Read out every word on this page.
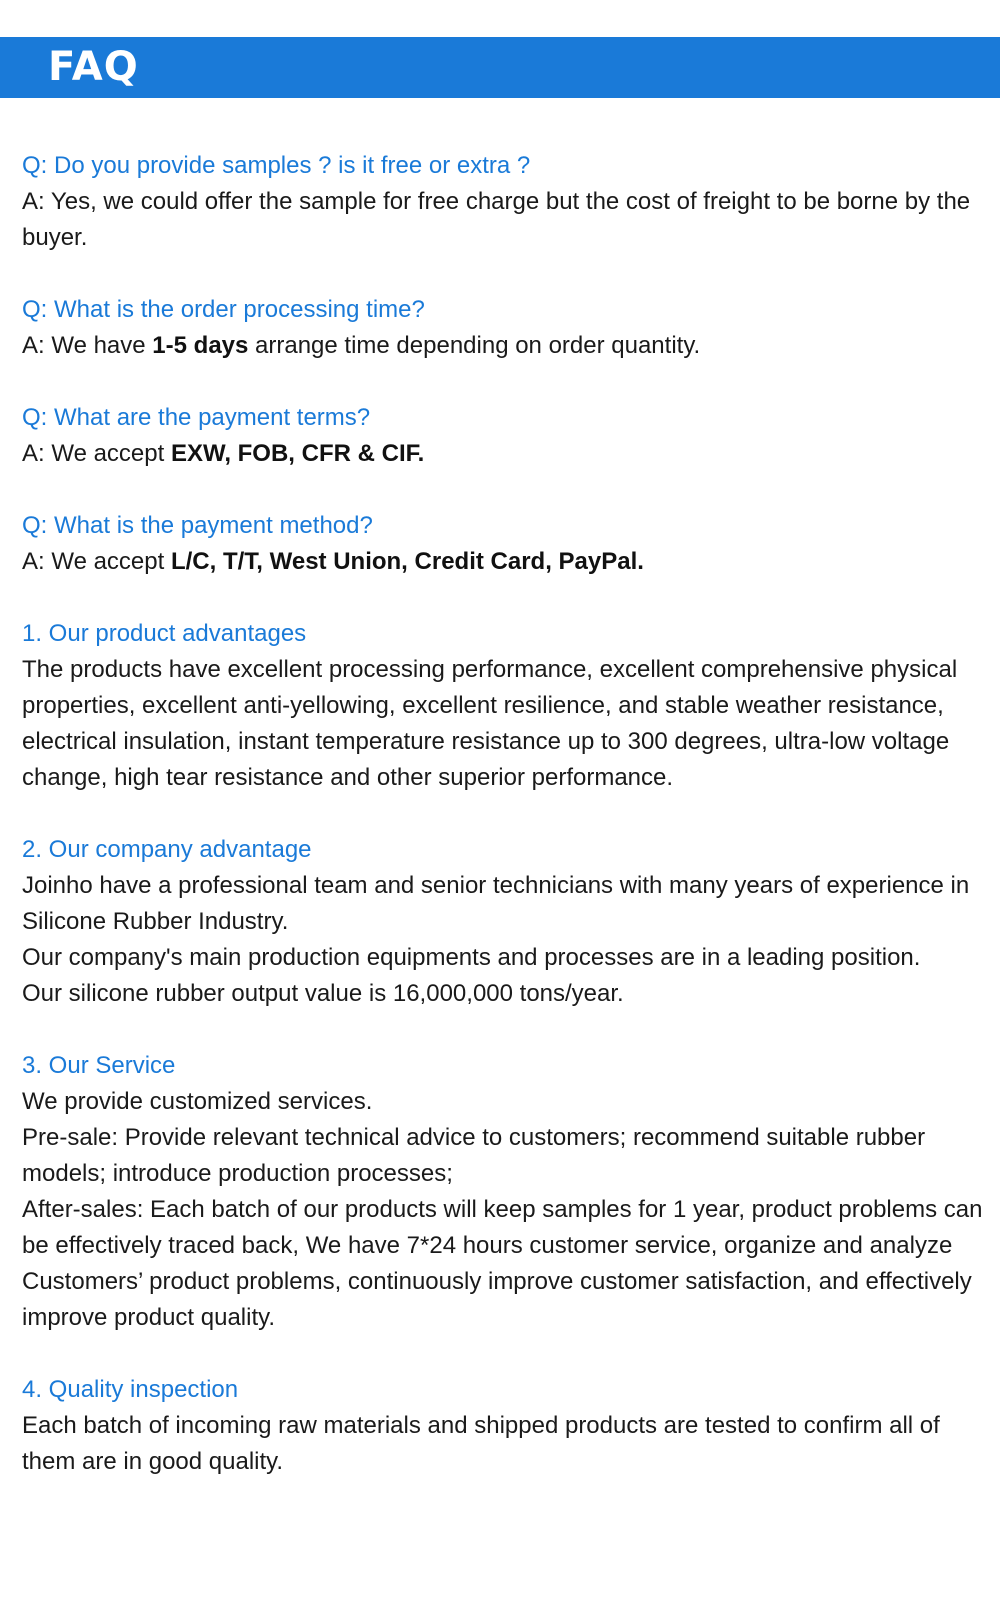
FAQ

Q: Do you provide samples ? is it free or extra ?

A: Yes, we could offer the sample for free charge but the cost of freight to be borne by the buyer.

Q: What is the order processing time?

A: We have 1-5 days arrange time depending on order quantity.

Q: What are the payment terms?

A: We accept EXW, FOB, CFR & CIF.

Q: What is the payment method?

A: We accept L/C, T/T, West Union, Credit Card, PayPal.

1. Our product advantages

The products have excellent processing performance, excellent comprehensive physical properties, excellent anti-yellowing, excellent resilience, and stable weather resistance, electrical insulation, instant temperature resistance up to 300 degrees, ultra-low voltage change, high tear resistance and other superior performance.

2. Our company advantage

Joinho have a professional team and senior technicians with many years of experience in Silicone Rubber Industry.

Our company's main production equipments and processes are in a leading position.

Our silicone rubber output value is 16,000,000 tons/year.

3. Our Service

We provide customized services.

Pre-sale: Provide relevant technical advice to customers; recommend suitable rubber models; introduce production processes;

After-sales: Each batch of our products will keep samples for 1 year, product problems can be effectively traced back, We have 7*24 hours customer service, organize and analyze Customers’ product problems, continuously improve customer satisfaction, and effectively improve product quality.

4. Quality inspection

Each batch of incoming raw materials and shipped products are tested to confirm all of them are in good quality.
